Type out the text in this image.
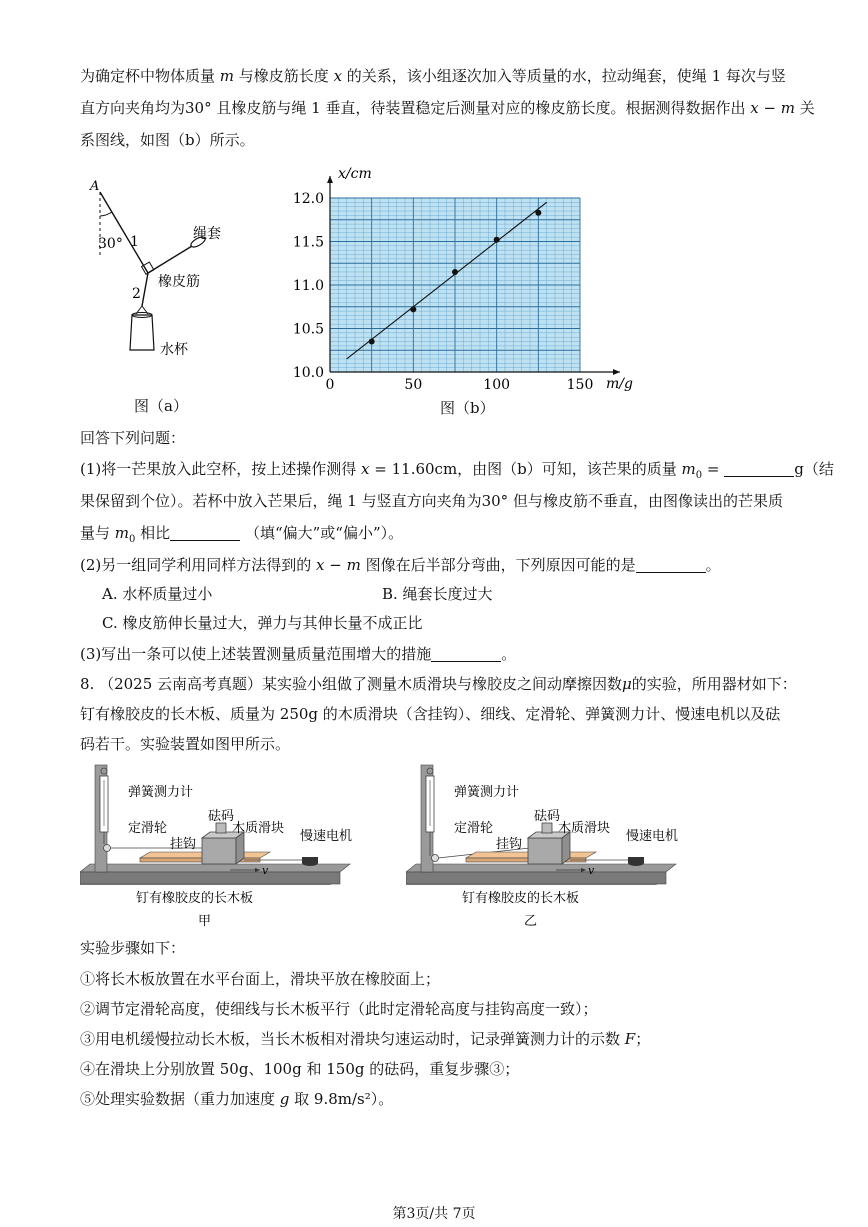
为确定杯中物体质量 m 与橡皮筋长度 x 的关系，该小组逐次加入等质量的水，拉动绳套，使绳 1 每次与竖
直方向夹角均为30° 且橡皮筋与绳 1 垂直，待装置稳定后测量对应的橡皮筋长度。根据测得数据作出 x − m 关
系图线，如图（b）所示。
A
30° 1	绳套
橡皮筋
2
水杯
图（a）
0	50	100	150
10.0
10.5
11.0
11.5
12.0
x/cm
m/g
图（b）
回答下列问题：
(1)将一芒果放入此空杯，按上述操作测得 x = 11.60cm，由图（b）可知，该芒果的质量 $m_0$ =	g（结
果保留到个位）。若杯中放入芒果后，绳 1 与竖直方向夹角为30° 但与橡皮筋不垂直，由图像读出的芒果质
量与 $m_0$ 相比	（填“偏大”或“偏小”）。
(2)另一组同学利用同样方法得到的 x − m 图像在后半部分弯曲，下列原因可能的是	。
A. 水杯质量过小	B. 绳套长度过大
C. 橡皮筋伸长量过大，弹力与其伸长量不成正比
(3)写出一条可以使上述装置测量质量范围增大的措施	。
8. （2025 云南高考真题）某实验小组做了测量木质滑块与橡胶皮之间动摩擦因数μ的实验，所用器材如下：
钉有橡胶皮的长木板、质量为 250g 的木质滑块（含挂钩）、细线、定滑轮、弹簧测力计、慢速电机以及砝
码若干。实验装置如图甲所示。
弹簧测力计
定滑轮
砝码
木质滑块
挂钩
慢速电机
v
钉有橡胶皮的长木板
甲
弹簧测力计
定滑轮
砝码
木质滑块
挂钩
慢速电机
v
钉有橡胶皮的长木板
乙
实验步骤如下：
①将长木板放置在水平台面上，滑块平放在橡胶面上；
②调节定滑轮高度，使细线与长木板平行（此时定滑轮高度与挂钩高度一致）；
③用电机缓慢拉动长木板，当长木板相对滑块匀速运动时，记录弹簧测力计的示数 F；
④在滑块上分别放置 50g、100g 和 150g 的砝码，重复步骤③；
⑤处理实验数据（重力加速度 g 取 9.8m/s²）。
第3页/共 7页
